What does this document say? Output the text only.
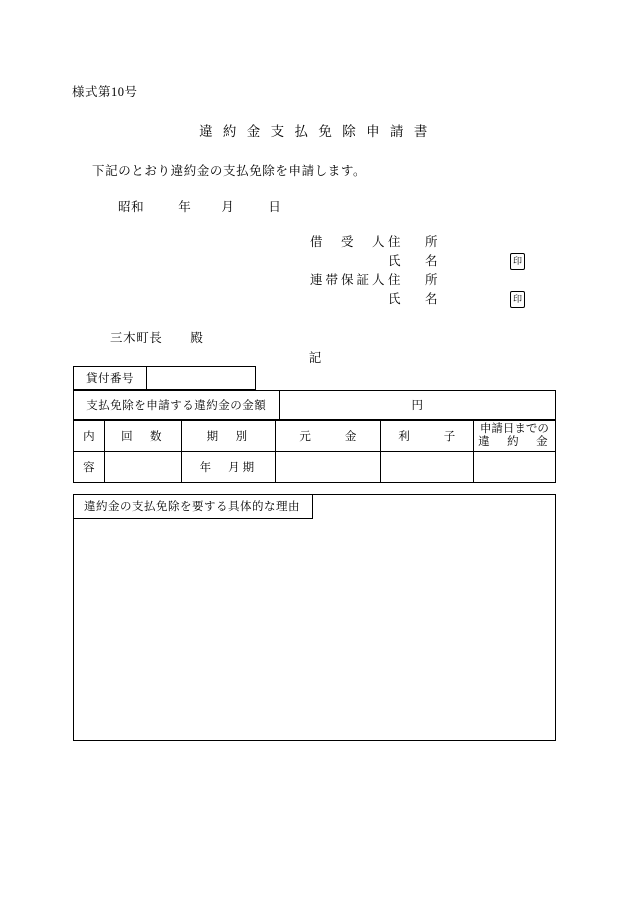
様式第10号
違 約 金 支 払 免 除 申 請 書
下記のとおり違約金の支払免除を申請します。
昭和	年 月	日
借　受　人住　所
氏　名	印
連帯保証人住　所
氏　名	印
三木町長 殿
記
貸付番号	
支払免除を申請する違約金の金額	円
内	回　数	期　別	元 金	利 子	申請日までの
違　約　金

容		年 月期			
違約金の支払免除を要する具体的な理由
